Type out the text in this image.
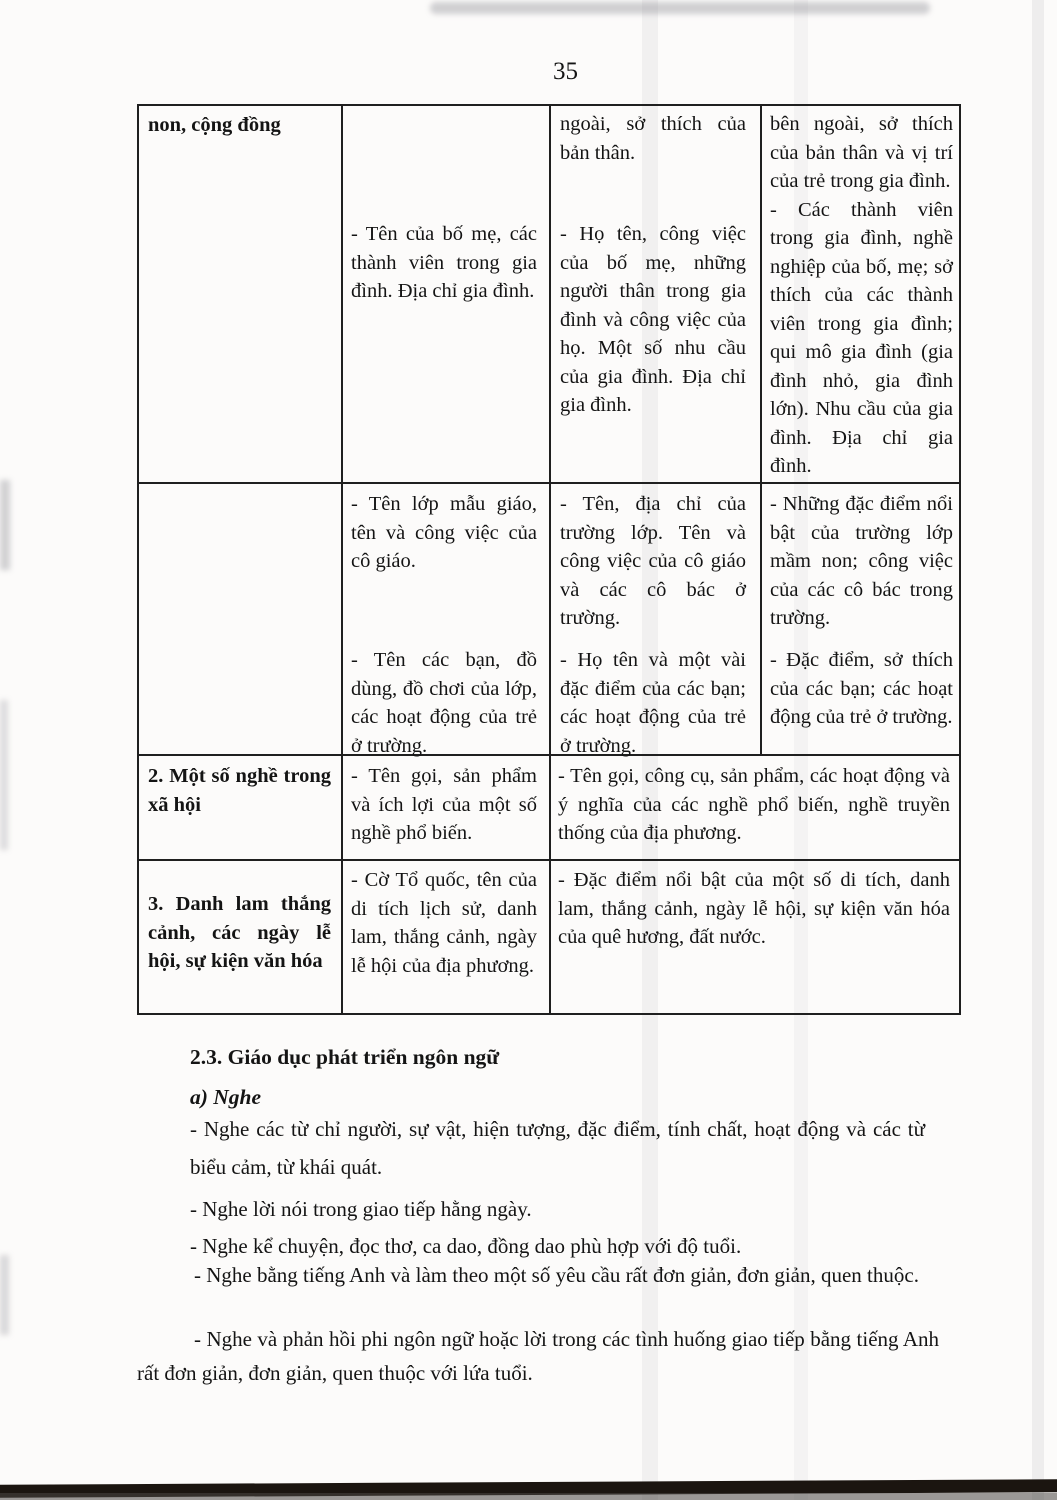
35
non, cộng đồng
- Tên của bố mẹ, các thành viên trong gia đình. Địa chỉ gia đình.
ngoài, sở thích của bản thân.
- Họ tên, công việc của bố mẹ, những người thân trong gia đình và công việc của họ. Một số nhu cầu của gia đình. Địa chỉ gia đình.

bên ngoài, sở thích của bản thân và vị trí của trẻ trong gia đình.

- Các thành viên trong gia đình, nghề nghiệp của bố, mẹ; sở thích của các thành viên trong gia đình; qui mô gia đình (gia đình nhỏ, gia đình lớn). Nhu cầu của gia đình. Địa chỉ gia đình.

- Tên lớp mẫu giáo, tên và công việc của cô giáo.
- Tên các bạn, đồ dùng, đồ chơi của lớp, các hoạt động của trẻ ở trường.
- Tên, địa chỉ của trường lớp. Tên và công việc của cô giáo và các cô bác ở trường.
- Họ tên và một vài đặc điểm của các bạn; các hoạt động của trẻ ở trường.
- Những đặc điểm nổi bật của trường lớp mầm non; công việc của các cô bác trong trường.
- Đặc điểm, sở thích của các bạn; các hoạt động của trẻ ở trường.
2. Một số nghề trong xã hội
- Tên gọi, sản phẩm và ích lợi của một số nghề phổ biến.
- Tên gọi, công cụ, sản phẩm, các hoạt động và ý nghĩa của các nghề phổ biến, nghề truyền thống của địa phương.
3. Danh lam thắng cảnh, các ngày lễ hội, sự kiện văn hóa
- Cờ Tổ quốc, tên của di tích lịch sử, danh lam, thắng cảnh, ngày lễ hội của địa phương.
- Đặc điểm nổi bật của một số di tích, danh lam, thắng cảnh, ngày lễ hội, sự kiện văn hóa của quê hương, đất nước.
2.3. Giáo dục phát triển ngôn ngữ
a) Nghe
- Nghe các từ chỉ người, sự vật, hiện tượng, đặc điểm, tính chất, hoạt động và các từ biểu cảm, từ khái quát.
- Nghe lời nói trong giao tiếp hằng ngày.
- Nghe kể chuyện, đọc thơ, ca dao, đồng dao phù hợp với độ tuổi.
- Nghe bằng tiếng Anh và làm theo một số yêu cầu rất đơn giản, đơn giản, quen thuộc.
- Nghe và phản hồi phi ngôn ngữ hoặc lời trong các tình huống giao tiếp bằng tiếng Anh rất đơn giản, đơn giản, quen thuộc với lứa tuổi.
